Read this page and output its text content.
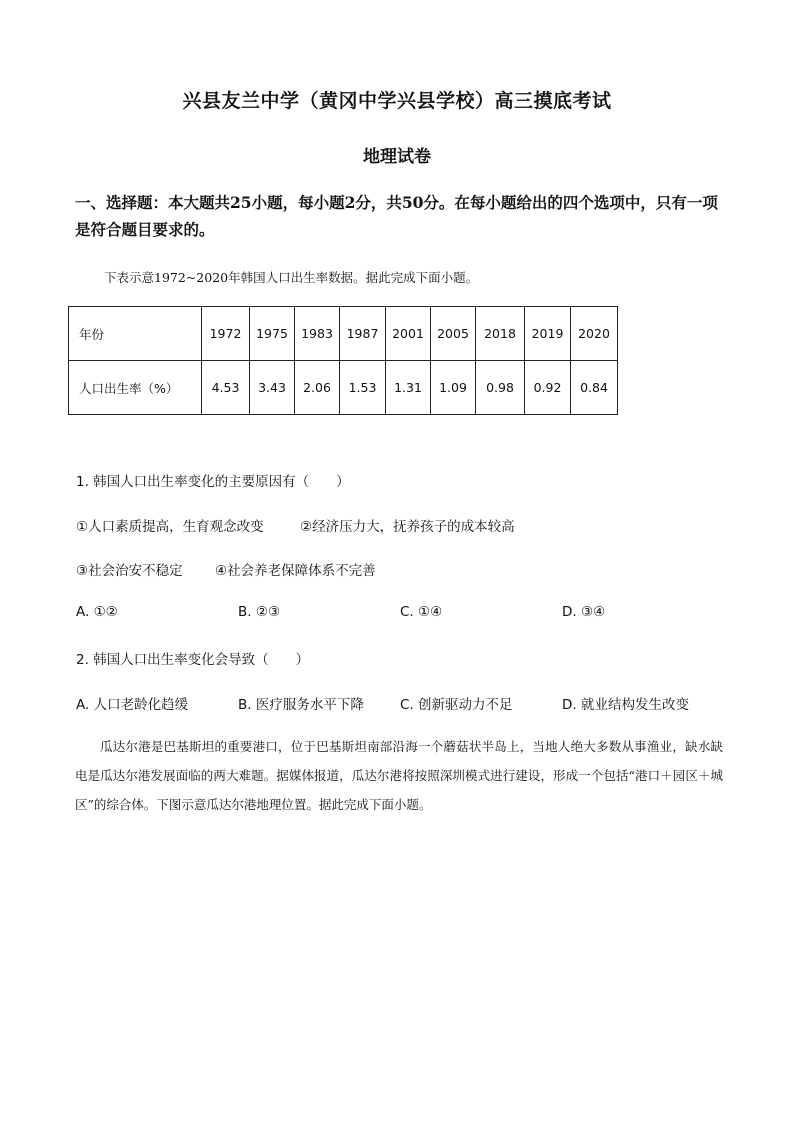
兴县友兰中学（黄冈中学兴县学校）高三摸底考试
地理试卷
一、选择题：本大题共25小题，每小题2分，共50分。在每小题给出的四个选项中，只有一项是符合题目要求的。
下表示意1972~2020年韩国人口出生率数据。据此完成下面小题。
年份	1972	1975	1983	1987	2001	2005	2018	2019	2020
人口出生率（%）	4.53	3.43	2.06	1.53	1.31	1.09	0.98	0.92	0.84
1. 韩国人口出生率变化的主要原因有（　　）
①人口素质提高，生育观念改变	②经济压力大，抚养孩子的成本较高
③社会治安不稳定 ④社会养老保障体系不完善
A. ①②	B. ②③	C. ①④	D. ③④
2. 韩国人口出生率变化会导致（　　）
A. 人口老龄化趋缓	B. 医疗服务水平下降	C. 创新驱动力不足	D. 就业结构发生改变
瓜达尔港是巴基斯坦的重要港口，位于巴基斯坦南部沿海一个蘑菇状半岛上，当地人绝大多数从事渔业，缺水缺电是瓜达尔港发展面临的两大难题。据媒体报道，瓜达尔港将按照深圳模式进行建设，形成一个包括“港口＋园区＋城区”的综合体。下图示意瓜达尔港地理位置。据此完成下面小题。
